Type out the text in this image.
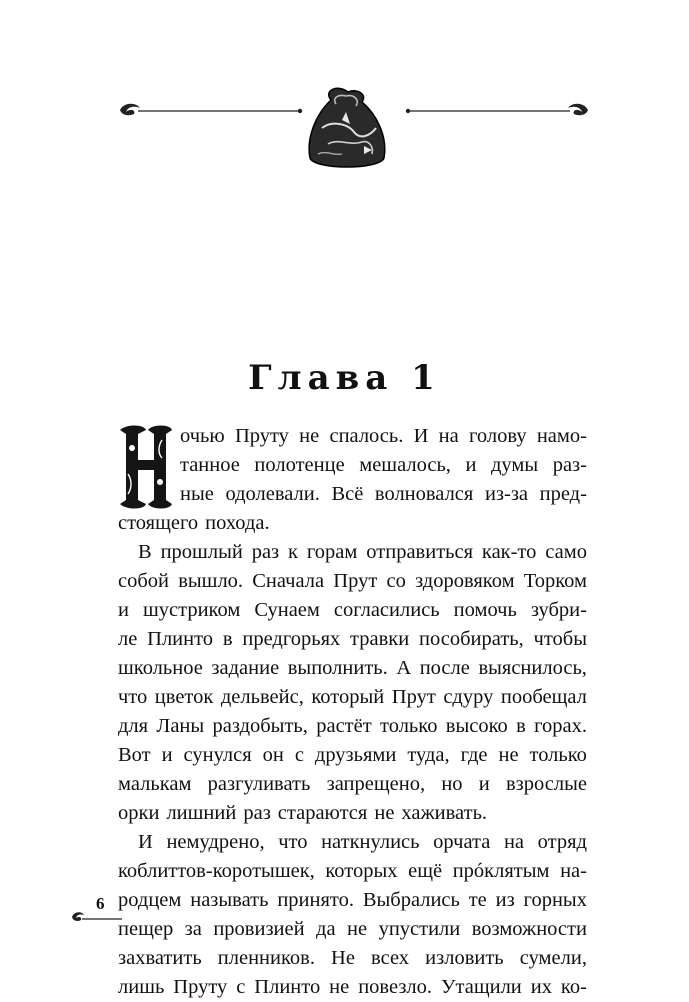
Глава 1
очью Пруту не спалось. И на голову намо-
танное полотенце мешалось, и думы раз-
ные одолевали. Всё волновался из-за пред-
стоящего похода.
В прошлый раз к горам отправиться как-то само
собой вышло. Сначала Прут со здоровяком Торком
и шустриком Сунаем согласились помочь зубри-
ле Плинто в предгорьях травки пособирать, чтобы
школьное задание выполнить. А после выяснилось,
что цветок дельвейс, который Прут сдуру пообещал
для Ланы раздобыть, растёт только высоко в горах.
Вот и сунулся он с друзьями туда, где не только
малькам разгуливать запрещено, но и взрослые
орки лишний раз стараются не хаживать.
И немудрено, что наткнулись орчата на отряд
коблиттов-коротышек, которых ещё прóклятым на-
родцем называть принято. Выбрались те из горных
пещер за провизией да не упустили возможности
захватить пленников. Не всех изловить сумели,
лишь Пруту с Плинто не повезло. Утащили их ко-
6
